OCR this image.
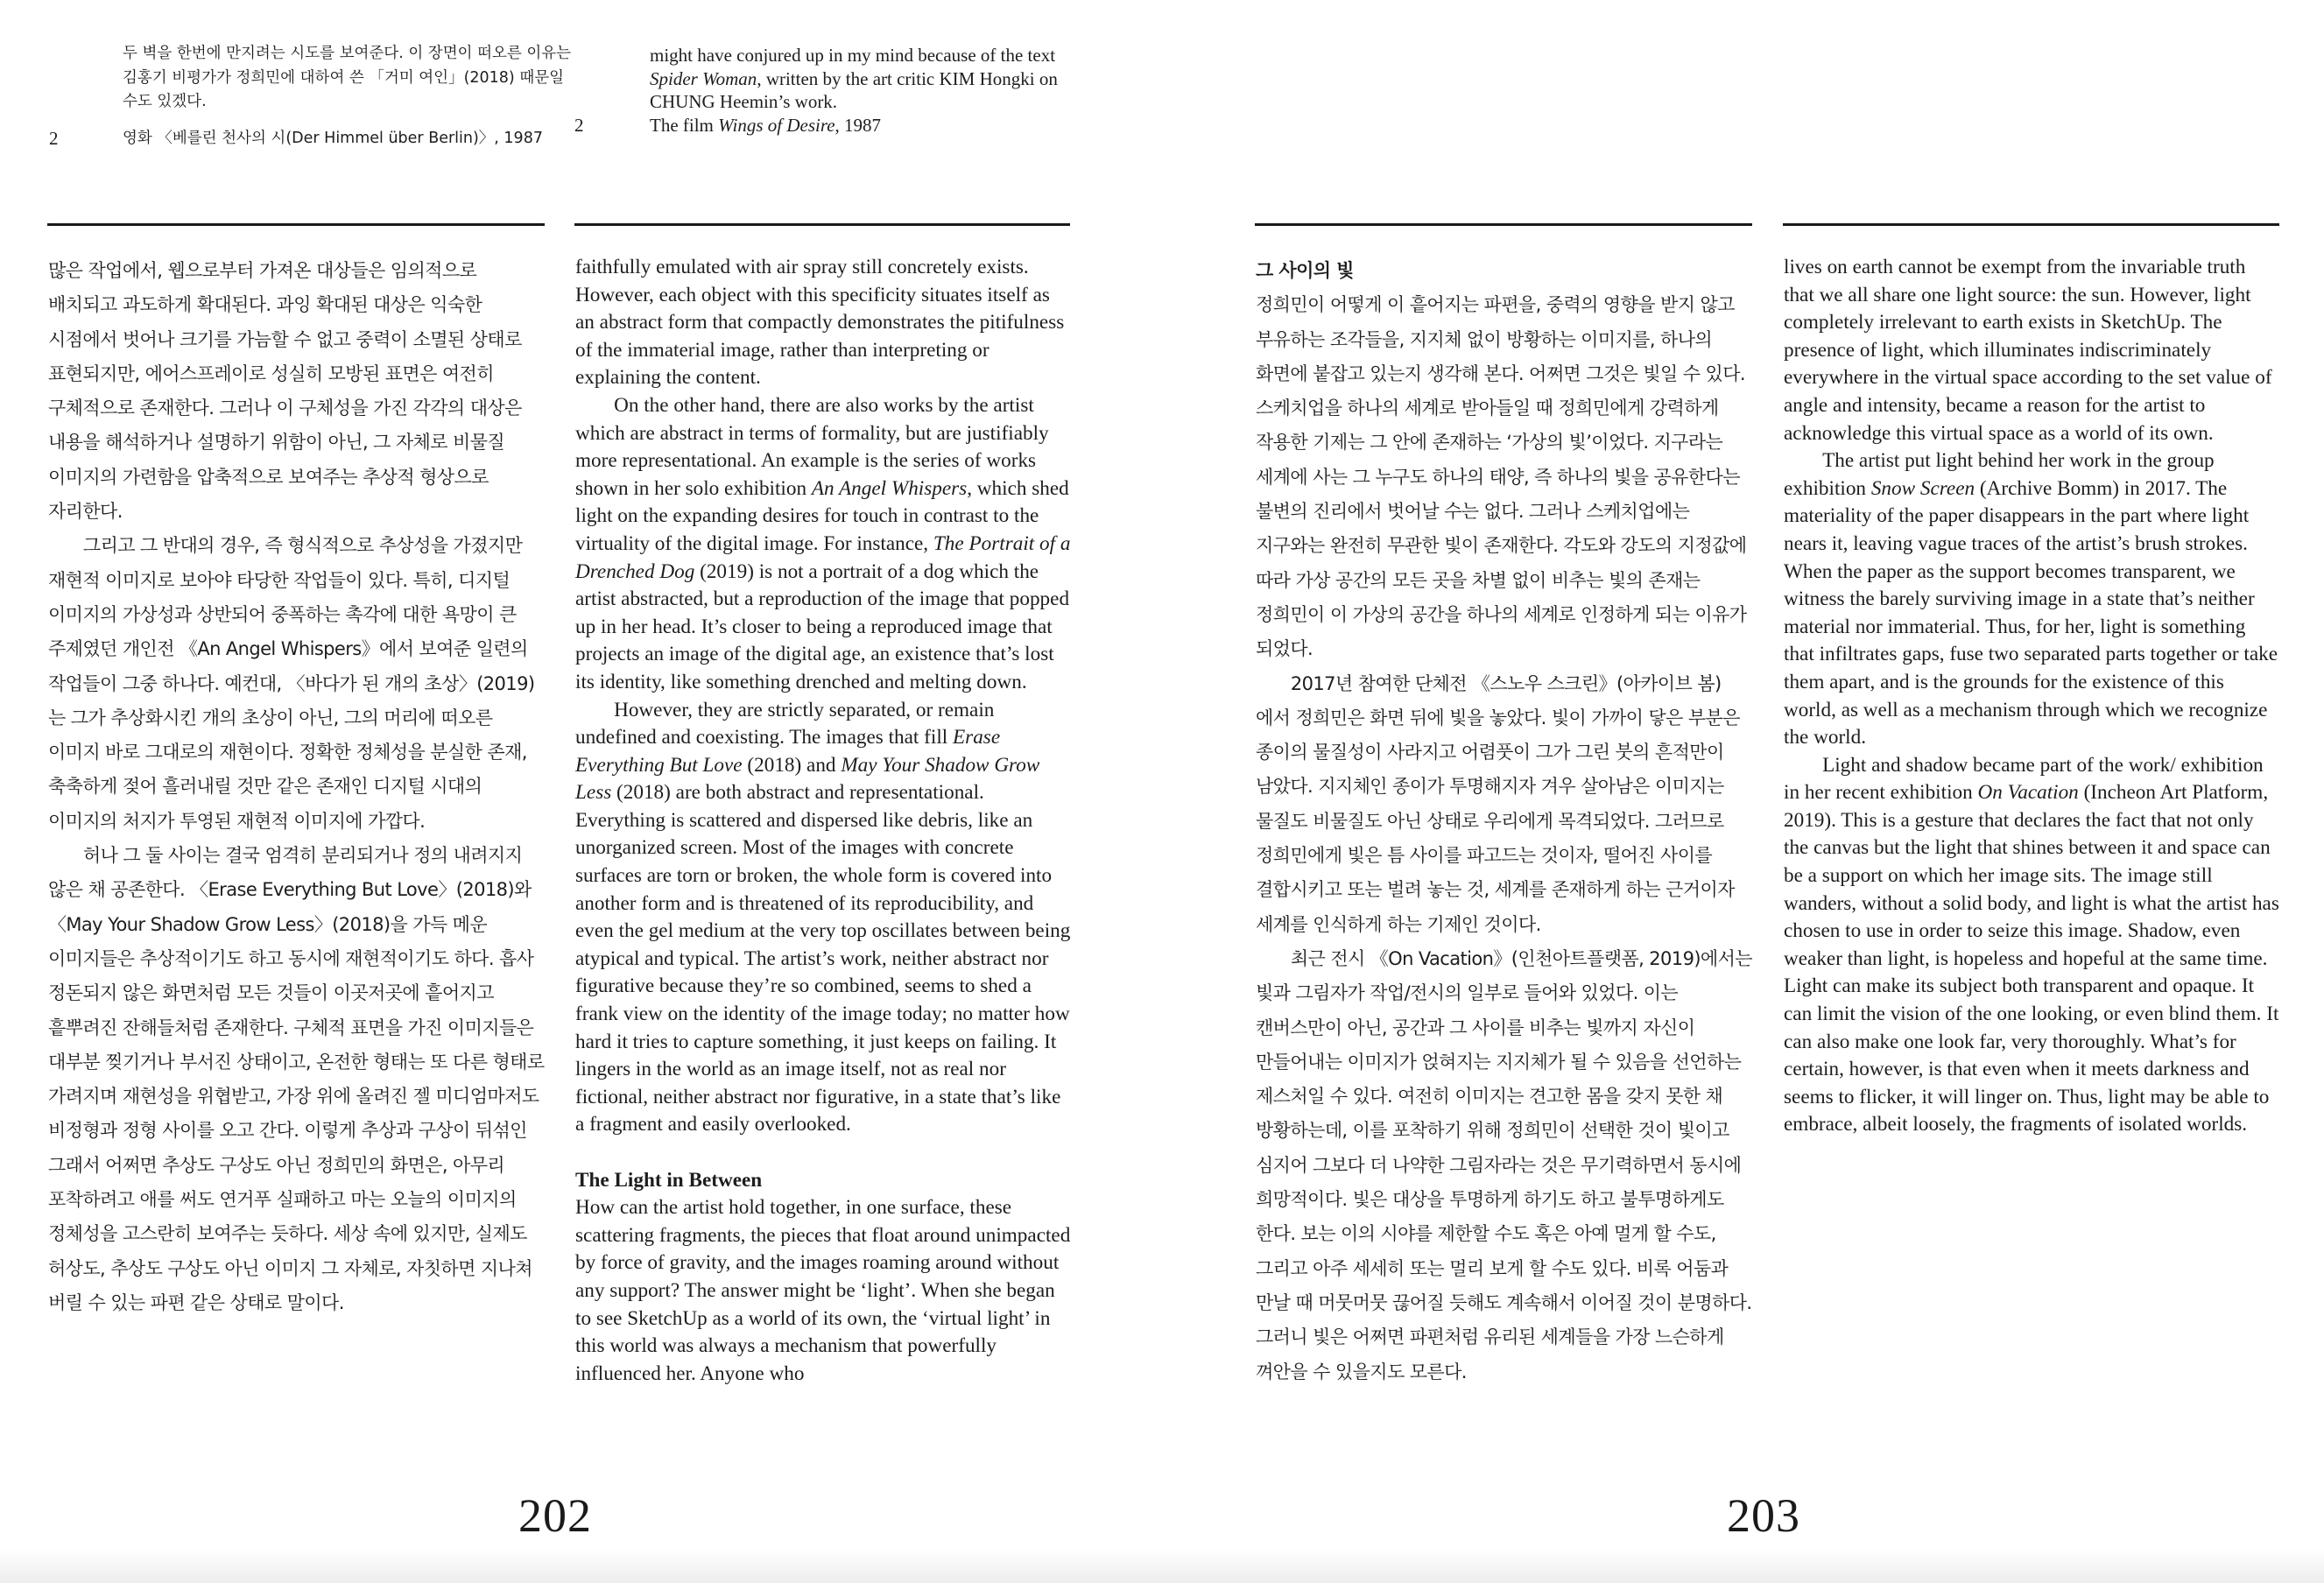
두 벽을 한번에 만지려는 시도를 보여준다. 이 장면이 떠오른 이유는 김홍기 비평가가 정희민에 대하여 쓴 「거미 여인」(2018) 때문일 수도 있겠다.

2	영화 〈베를린 천사의 시(Der Himmel über Berlin)〉, 1987

might have conjured up in my mind because of the text

Spider Woman, written by the art critic KIM Hongki on

CHUNG Heemin’s work.

2	The film Wings of Desire, 1987

많은 작업에서, 웹으로부터 가져온 대상들은 임의적으로 배치되고 과도하게 확대된다. 과잉 확대된 대상은 익숙한 시점에서 벗어나 크기를 가늠할 수 없고 중력이 소멸된 상태로 표현되지만, 에어스프레이로 성실히 모방된 표면은 여전히 구체적으로 존재한다. 그러나 이 구체성을 가진 각각의 대상은 내용을 해석하거나 설명하기 위함이 아닌, 그 자체로 비물질 이미지의 가련함을 압축적으로 보여주는 추상적 형상으로 자리한다.

그리고 그 반대의 경우, 즉 형식적으로 추상성을 가졌지만 재현적 이미지로 보아야 타당한 작업들이 있다. 특히, 디지털 이미지의 가상성과 상반되어 중폭하는 촉각에 대한 욕망이 큰 주제였던 개인전 《An Angel Whispers》에서 보여준 일련의 작업들이 그중 하나다. 예컨대, 〈바다가 된 개의 초상〉(2019)는 그가 추상화시킨 개의 초상이 아닌, 그의 머리에 떠오른 이미지 바로 그대로의 재현이다. 정확한 정체성을 분실한 존재, 축축하게 젖어 흘러내릴 것만 같은 존재인 디지털 시대의 이미지의 처지가 투영된 재현적 이미지에 가깝다.

허나 그 둘 사이는 결국 엄격히 분리되거나 정의 내려지지 않은 채 공존한다. 〈Erase Everything But Love〉(2018)와 〈May Your Shadow Grow Less〉(2018)을 가득 메운 이미지들은 추상적이기도 하고 동시에 재현적이기도 하다. 흡사 정돈되지 않은 화면처럼 모든 것들이 이곳저곳에 흩어지고 흩뿌려진 잔해들처럼 존재한다. 구체적 표면을 가진 이미지들은 대부분 찢기거나 부서진 상태이고, 온전한 형태는 또 다른 형태로 가려지며 재현성을 위협받고, 가장 위에 올려진 젤 미디엄마저도 비정형과 정형 사이를 오고 간다. 이렇게 추상과 구상이 뒤섞인 그래서 어쩌면 추상도 구상도 아닌 정희민의 화면은, 아무리 포착하려고 애를 써도 연거푸 실패하고 마는 오늘의 이미지의 정체성을 고스란히 보여주는 듯하다. 세상 속에 있지만, 실제도 허상도, 추상도 구상도 아닌 이미지 그 자체로, 자칫하면 지나쳐 버릴 수 있는 파편 같은 상태로 말이다.

faithfully emulated with air spray still concretely exists. However, each object with this specificity situates itself as an abstract form that compactly demonstrates the pitifulness of the immaterial image, rather than interpreting or explaining the content.

On the other hand, there are also works by the artist which are abstract in terms of formality, but are justifiably more representational. An example is the series of works shown in her solo exhibition An Angel Whispers, which shed light on the expanding desires for touch in contrast to the virtuality of the digital image. For instance, The Portrait of a Drenched Dog (2019) is not a portrait of a dog which the artist abstracted, but a reproduction of the image that popped up in her head. It’s closer to being a reproduced image that projects an image of the digital age, an existence that’s lost its identity, like something drenched and melting down.

However, they are strictly separated, or remain undefined and coexisting. The images that fill Erase Everything But Love (2018) and May Your Shadow Grow Less (2018) are both abstract and representational. Everything is scattered and dispersed like debris, like an unorganized screen. Most of the images with concrete surfaces are torn or broken, the whole form is covered into another form and is threatened of its reproducibility, and even the gel medium at the very top oscillates between being atypical and typical. The artist’s work, neither abstract nor figurative because they’re so combined, seems to shed a frank view on the identity of the image today; no matter how hard it tries to capture something, it just keeps on failing. It lingers in the world as an image itself, not as real nor fictional, neither abstract nor figurative, in a state that’s like a fragment and easily overlooked.

The Light in Between

How can the artist hold together, in one surface, these scattering fragments, the pieces that float around unimpacted by force of gravity, and the images roaming around without any support? The answer might be ‘light’. When she began to see SketchUp as a world of its own, the ‘virtual light’ in this world was always a mechanism that powerfully influenced her. Anyone who

그 사이의 빛

정희민이 어떻게 이 흩어지는 파편을, 중력의 영향을 받지 않고 부유하는 조각들을, 지지체 없이 방황하는 이미지를, 하나의 화면에 붙잡고 있는지 생각해 본다. 어쩌면 그것은 빛일 수 있다. 스케치업을 하나의 세계로 받아들일 때 정희민에게 강력하게 작용한 기제는 그 안에 존재하는 ‘가상의 빛’이었다. 지구라는 세계에 사는 그 누구도 하나의 태양, 즉 하나의 빛을 공유한다는 불변의 진리에서 벗어날 수는 없다. 그러나 스케치업에는 지구와는 완전히 무관한 빛이 존재한다. 각도와 강도의 지정값에 따라 가상 공간의 모든 곳을 차별 없이 비추는 빛의 존재는 정희민이 이 가상의 공간을 하나의 세계로 인정하게 되는 이유가 되었다.

2017년 참여한 단체전 《스노우 스크린》(아카이브 봄)에서 정희민은 화면 뒤에 빛을 놓았다. 빛이 가까이 닿은 부분은 종이의 물질성이 사라지고 어렴풋이 그가 그린 붓의 흔적만이 남았다. 지지체인 종이가 투명해지자 겨우 살아남은 이미지는 물질도 비물질도 아닌 상태로 우리에게 목격되었다. 그러므로 정희민에게 빛은 틈 사이를 파고드는 것이자, 떨어진 사이를 결합시키고 또는 벌려 놓는 것, 세계를 존재하게 하는 근거이자 세계를 인식하게 하는 기제인 것이다.

최근 전시 《On Vacation》(인천아트플랫폼, 2019)에서는 빛과 그림자가 작업/전시의 일부로 들어와 있었다. 이는 캔버스만이 아닌, 공간과 그 사이를 비추는 빛까지 자신이 만들어내는 이미지가 얹혀지는 지지체가 될 수 있음을 선언하는 제스처일 수 있다. 여전히 이미지는 견고한 몸을 갖지 못한 채 방황하는데, 이를 포착하기 위해 정희민이 선택한 것이 빛이고 심지어 그보다 더 나약한 그림자라는 것은 무기력하면서 동시에 희망적이다. 빛은 대상을 투명하게 하기도 하고 불투명하게도 한다. 보는 이의 시야를 제한할 수도 혹은 아예 멀게 할 수도, 그리고 아주 세세히 또는 멀리 보게 할 수도 있다. 비록 어둠과 만날 때 머뭇머뭇 끊어질 듯해도 계속해서 이어질 것이 분명하다. 그러니 빛은 어쩌면 파편처럼 유리된 세계들을 가장 느슨하게 껴안을 수 있을지도 모른다.

lives on earth cannot be exempt from the invariable truth that we all share one light source: the sun. However, light completely irrelevant to earth exists in SketchUp. The presence of light, which illuminates indiscriminately everywhere in the virtual space according to the set value of angle and intensity, became a reason for the artist to acknowledge this virtual space as a world of its own.

The artist put light behind her work in the group exhibition Snow Screen (Archive Bomm) in 2017. The materiality of the paper disappears in the part where light nears it, leaving vague traces of the artist’s brush strokes. When the paper as the support becomes transparent, we witness the barely surviving image in a state that’s neither material nor immaterial. Thus, for her, light is something that infiltrates gaps, fuse two separated parts together or take them apart, and is the grounds for the existence of this world, as well as a mechanism through which we recognize the world.

Light and shadow became part of the work/ exhibition in her recent exhibition On Vacation (Incheon Art Platform, 2019). This is a gesture that declares the fact that not only the canvas but the light that shines between it and space can be a support on which her image sits. The image still wanders, without a solid body, and light is what the artist has chosen to use in order to seize this image. Shadow, even weaker than light, is hopeless and hopeful at the same time. Light can make its subject both transparent and opaque. It can limit the vision of the one looking, or even blind them. It can also make one look far, very thoroughly. What’s for certain, however, is that even when it meets darkness and seems to flicker, it will linger on. Thus, light may be able to embrace, albeit loosely, the fragments of isolated worlds.

202	203
